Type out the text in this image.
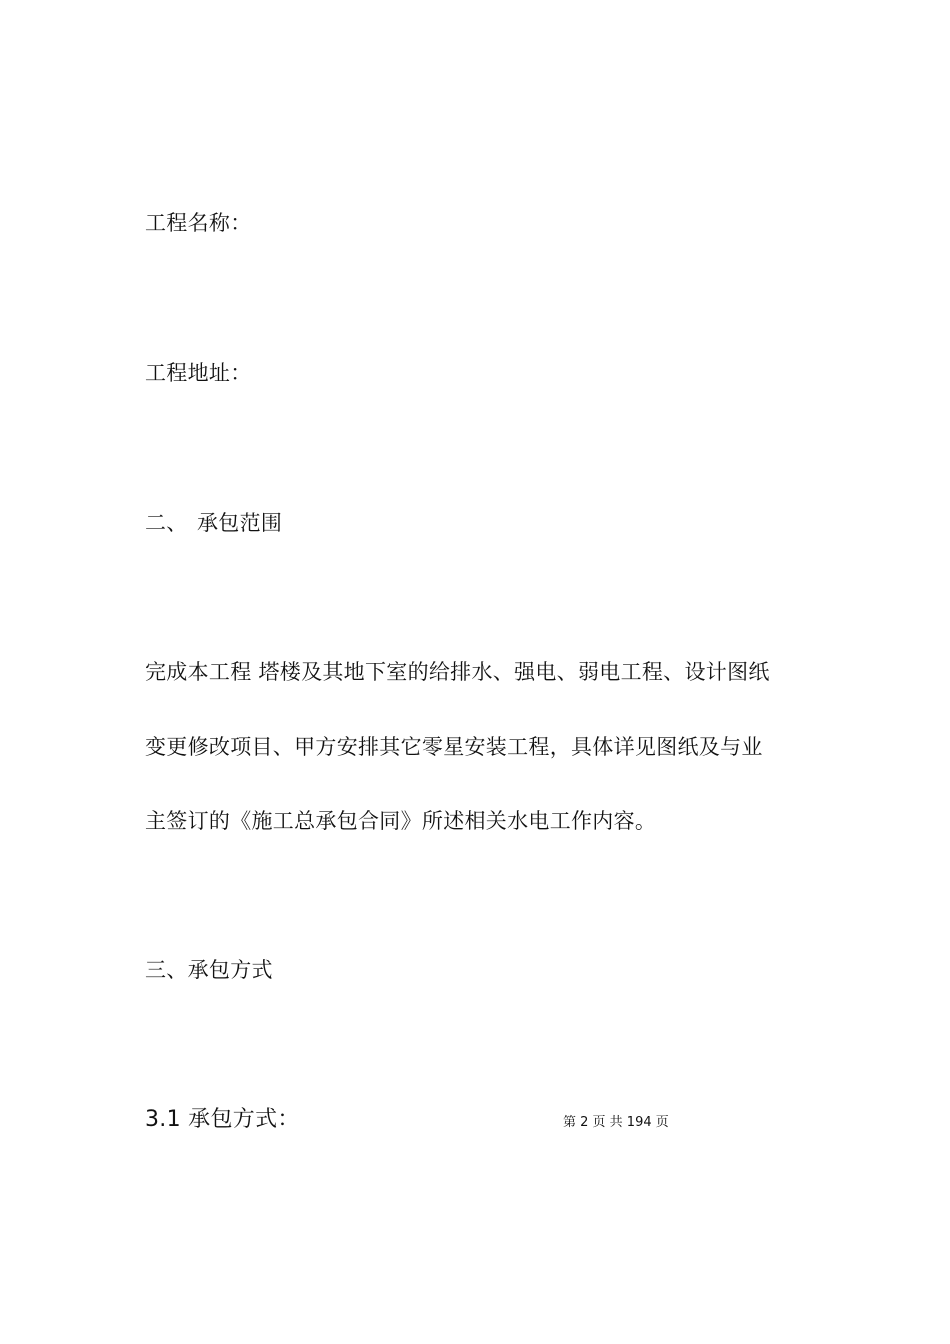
工程名称：
工程地址：
二、 承包范围
完成本工程 塔楼及其地下室的给排水、强电、弱电工程、设计图纸
变更修改项目、甲方安排其它零星安装工程，具体详见图纸及与业
主签订的《施工总承包合同》所述相关水电工作内容。
三、承包方式
3.1 承包方式：	第 2 页 共 194 页
